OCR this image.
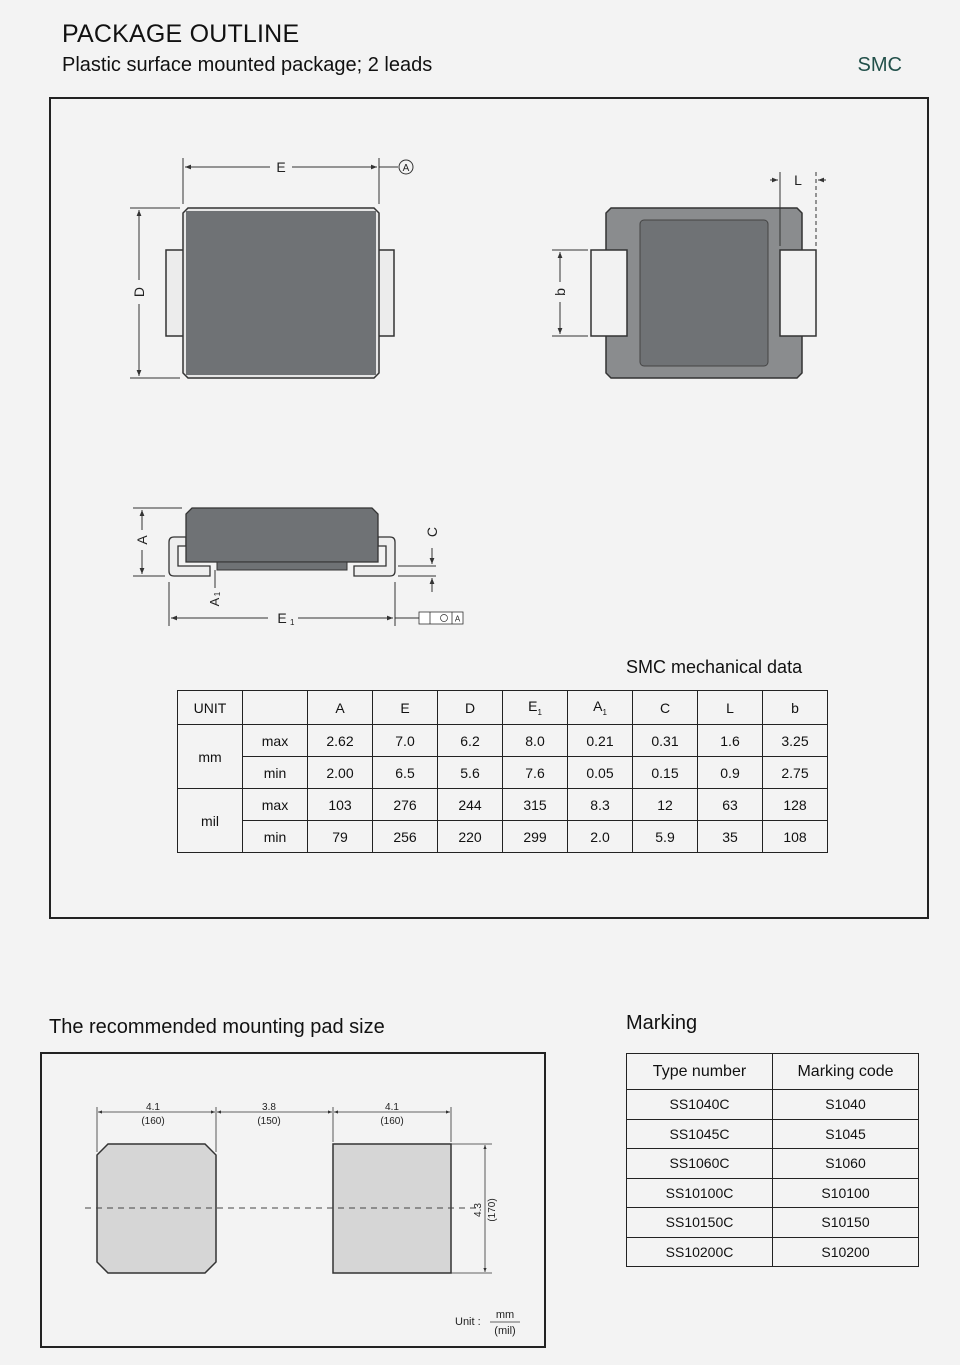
PACKAGE OUTLINE
Plastic surface mounted package; 2 leads	SMC
E	A
D
L
b
A
C
A
1
E 1	A
SMC mechanical data
UNIT		A	E	D	$E_1$	$A_1$	C	L	b
mm	max	2.62	7.0	6.2	8.0	0.21	0.31	1.6	3.25
	min	2.00	6.5	5.6	7.6	0.05	0.15	0.9	2.75
mil	max	103	276	244	315	8.3	12	63	128
	min	79	256	220	299	2.0	5.9	35	108
The recommended mounting pad size
4.1
(160)
3.8
(150)
4.1
(160)
4.3 (170)
Unit :
mm
(mil)
Marking
Type number	Marking code
SS1040C	S1040
SS1045C	S1045
SS1060C	S1060
SS10100C	S10100
SS10150C	S10150
SS10200C	S10200
